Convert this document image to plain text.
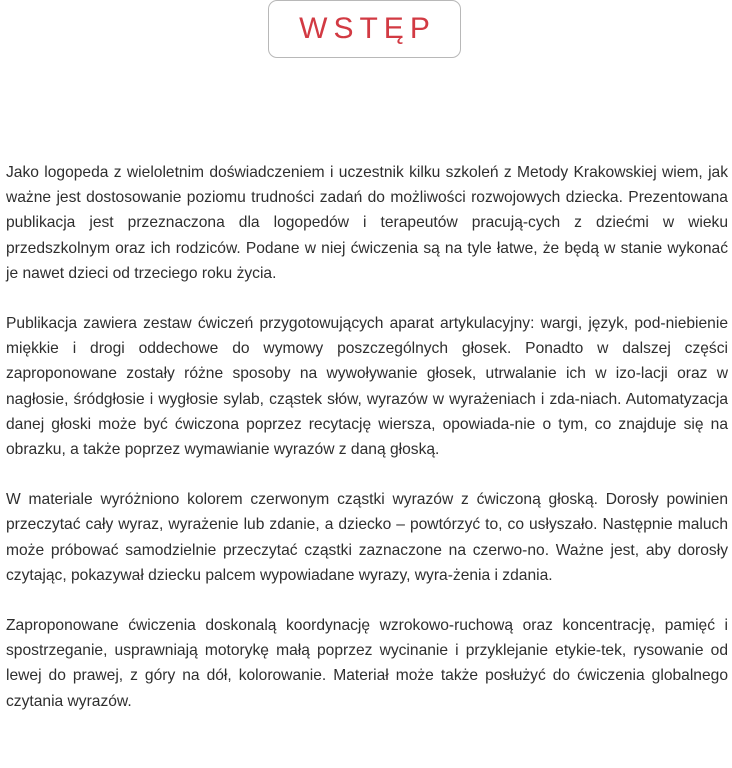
WSTĘP

Jako logopeda z wieloletnim doświadczeniem i uczestnik kilku szkoleń z Metody Krakowskiej wiem, jak ważne jest dostosowanie poziomu trudności zadań do możliwości rozwojowych dziecka. Prezentowana publikacja jest przeznaczona dla logopedów i terapeutów pracują-cych z dziećmi w wieku przedszkolnym oraz ich rodziców. Podane w niej ćwiczenia są na tyle łatwe, że będą w stanie wykonać je nawet dzieci od trzeciego roku życia.

Publikacja zawiera zestaw ćwiczeń przygotowujących aparat artykulacyjny: wargi, język, pod-niebienie miękkie i drogi oddechowe do wymowy poszczególnych głosek. Ponadto w dalszej części zaproponowane zostały różne sposoby na wywoływanie głosek, utrwalanie ich w izo-lacji oraz w nagłosie, śródgłosie i wygłosie sylab, cząstek słów, wyrazów w wyrażeniach i zda-niach. Automatyzacja danej głoski może być ćwiczona poprzez recytację wiersza, opowiada-nie o tym, co znajduje się na obrazku, a także poprzez wymawianie wyrazów z daną głoską.

W materiale wyróżniono kolorem czerwonym cząstki wyrazów z ćwiczoną głoską. Dorosły powinien przeczytać cały wyraz, wyrażenie lub zdanie, a dziecko – powtórzyć to, co usłyszało. Następnie maluch może próbować samodzielnie przeczytać cząstki zaznaczone na czerwo-no. Ważne jest, aby dorosły czytając, pokazywał dziecku palcem wypowiadane wyrazy, wyra-żenia i zdania.

Zaproponowane ćwiczenia doskonalą koordynację wzrokowo-ruchową oraz koncentrację, pamięć i spostrzeganie, usprawniają motorykę małą poprzez wycinanie i przyklejanie etykie-tek, rysowanie od lewej do prawej, z góry na dół, kolorowanie. Materiał może także posłużyć do ćwiczenia globalnego czytania wyrazów.
